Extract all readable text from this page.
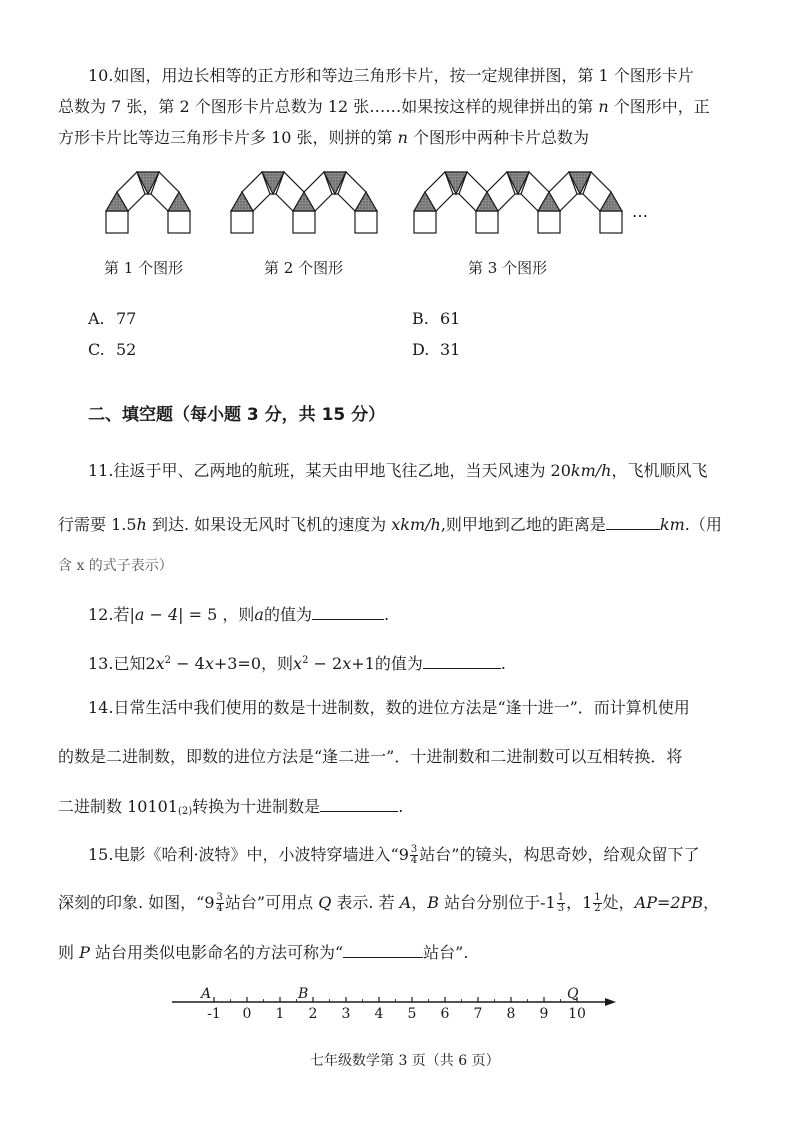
10.如图，用边长相等的正方形和等边三角形卡片，按一定规律拼图，第 1 个图形卡片
总数为 7 张，第 2 个图形卡片总数为 12 张……如果按这样的规律拼出的第 n 个图形中，正
方形卡片比等边三角形卡片多 10 张，则拼的第 n 个图形中两种卡片总数为
…
第 1 个图形	第 2 个图形	第 3 个图形
A. 77	B. 61
C. 52	D. 31
二、填空题（每小题 3 分，共 15 分）
11.往返于甲、乙两地的航班，某天由甲地飞往乙地，当天风速为 20km/h，飞机顺风飞
行需要 1.5h 到达. 如果设无风时飞机的速度为 xkm/h,则甲地到乙地的距离是	km.（用
含 x 的式子表示）
12.若|a − 4| = 5 ，则a的值为	.
13.已知$2x^2 - 4x+3=0$，则$x^2 - 2x+1$的值为	.
14.日常生活中我们使用的数是十进制数，数的进位方法是“逢十进一”．而计算机使用
的数是二进制数，即数的进位方法是“逢二进一”．十进制数和二进制数可以互相转换．将
二进制数 $10101_{(2)}$转换为十进制数是	.
15.电影《哈利·波特》中，小波特穿墙进入“$9 \frac{3}{4}$ 站台”的镜头，构思奇妙，给观众留下了
深刻的印象. 如图，“$9 \frac{3}{4}$ 站台”可用点 Q 表示. 若 A，B 站台分别位于$-1 \frac{1}{3}$ ，$1 \frac{1}{2}$ 处，AP=2PB，
则 P 站台用类似电影命名的方法可称为“	站台”.
-1 0 1 2 3 4 5 6 7 8 9 10
A	B	Q
七年级数学第 3 页（共 6 页）
